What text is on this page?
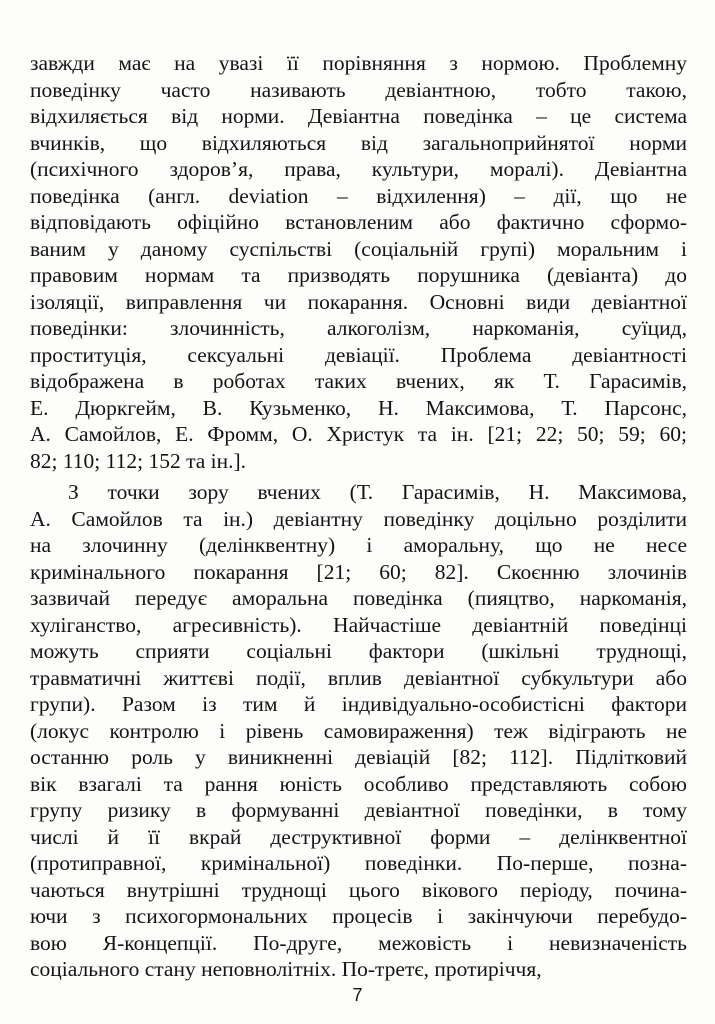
завжди має на увазі її порівняння з нормою. Проблемну
поведінку часто називають девіантною, тобто такою,
відхиляється від норми. Девіантна поведінка – це система
вчинків, що відхиляються від загальноприйнятої норми
(психічного здоров’я, права, культури, моралі). Девіантна
поведінка (англ. deviation – відхилення) – дії, що не
відповідають офіційно встановленим або фактично сформо-
ваним у даному суспільстві (соціальній групі) моральним і
правовим нормам та призводять порушника (девіанта) до
ізоляції, виправлення чи покарання. Основні види девіантної
поведінки: злочинність, алкоголізм, наркоманія, суїцид,
проституція, сексуальні девіації. Проблема девіантності
відображена в роботах таких вчених, як Т. Гарасимів,
Е. Дюркгейм, В. Кузьменко, Н. Максимова, Т. Парсонс,
А. Самойлов, Е. Фромм, О. Христук та ін. [21; 22; 50; 59; 60;
82; 110; 112; 152 та ін.].
З точки зору вчених (Т. Гарасимів, Н. Максимова,
А. Самойлов та ін.) девіантну поведінку доцільно розділити
на злочинну (делінквентну) і аморальну, що не несе
кримінального покарання [21; 60; 82]. Скоєнню злочинів
зазвичай передує аморальна поведінка (пияцтво, наркоманія,
хуліганство, агресивність). Найчастіше девіантній поведінці
можуть сприяти соціальні фактори (шкільні труднощі,
травматичні життєві події, вплив девіантної субкультури або
групи). Разом із тим й індивідуально-особистісні фактори
(локус контролю і рівень самовираження) теж відіграють не
останню роль у виникненні девіацій [82; 112]. Підлітковий
вік взагалі та рання юність особливо представляють собою
групу ризику в формуванні девіантної поведінки, в тому
числі й її вкрай деструктивної форми – делінквентної
(протиправної, кримінальної) поведінки. По-перше, позна-
чаються внутрішні труднощі цього вікового періоду, почина-
ючи з психогормональних процесів і закінчуючи перебудо-
вою Я-концепції. По-друге, межовість і невизначеність
соціального стану неповнолітніх. По-третє, протиріччя,
7
